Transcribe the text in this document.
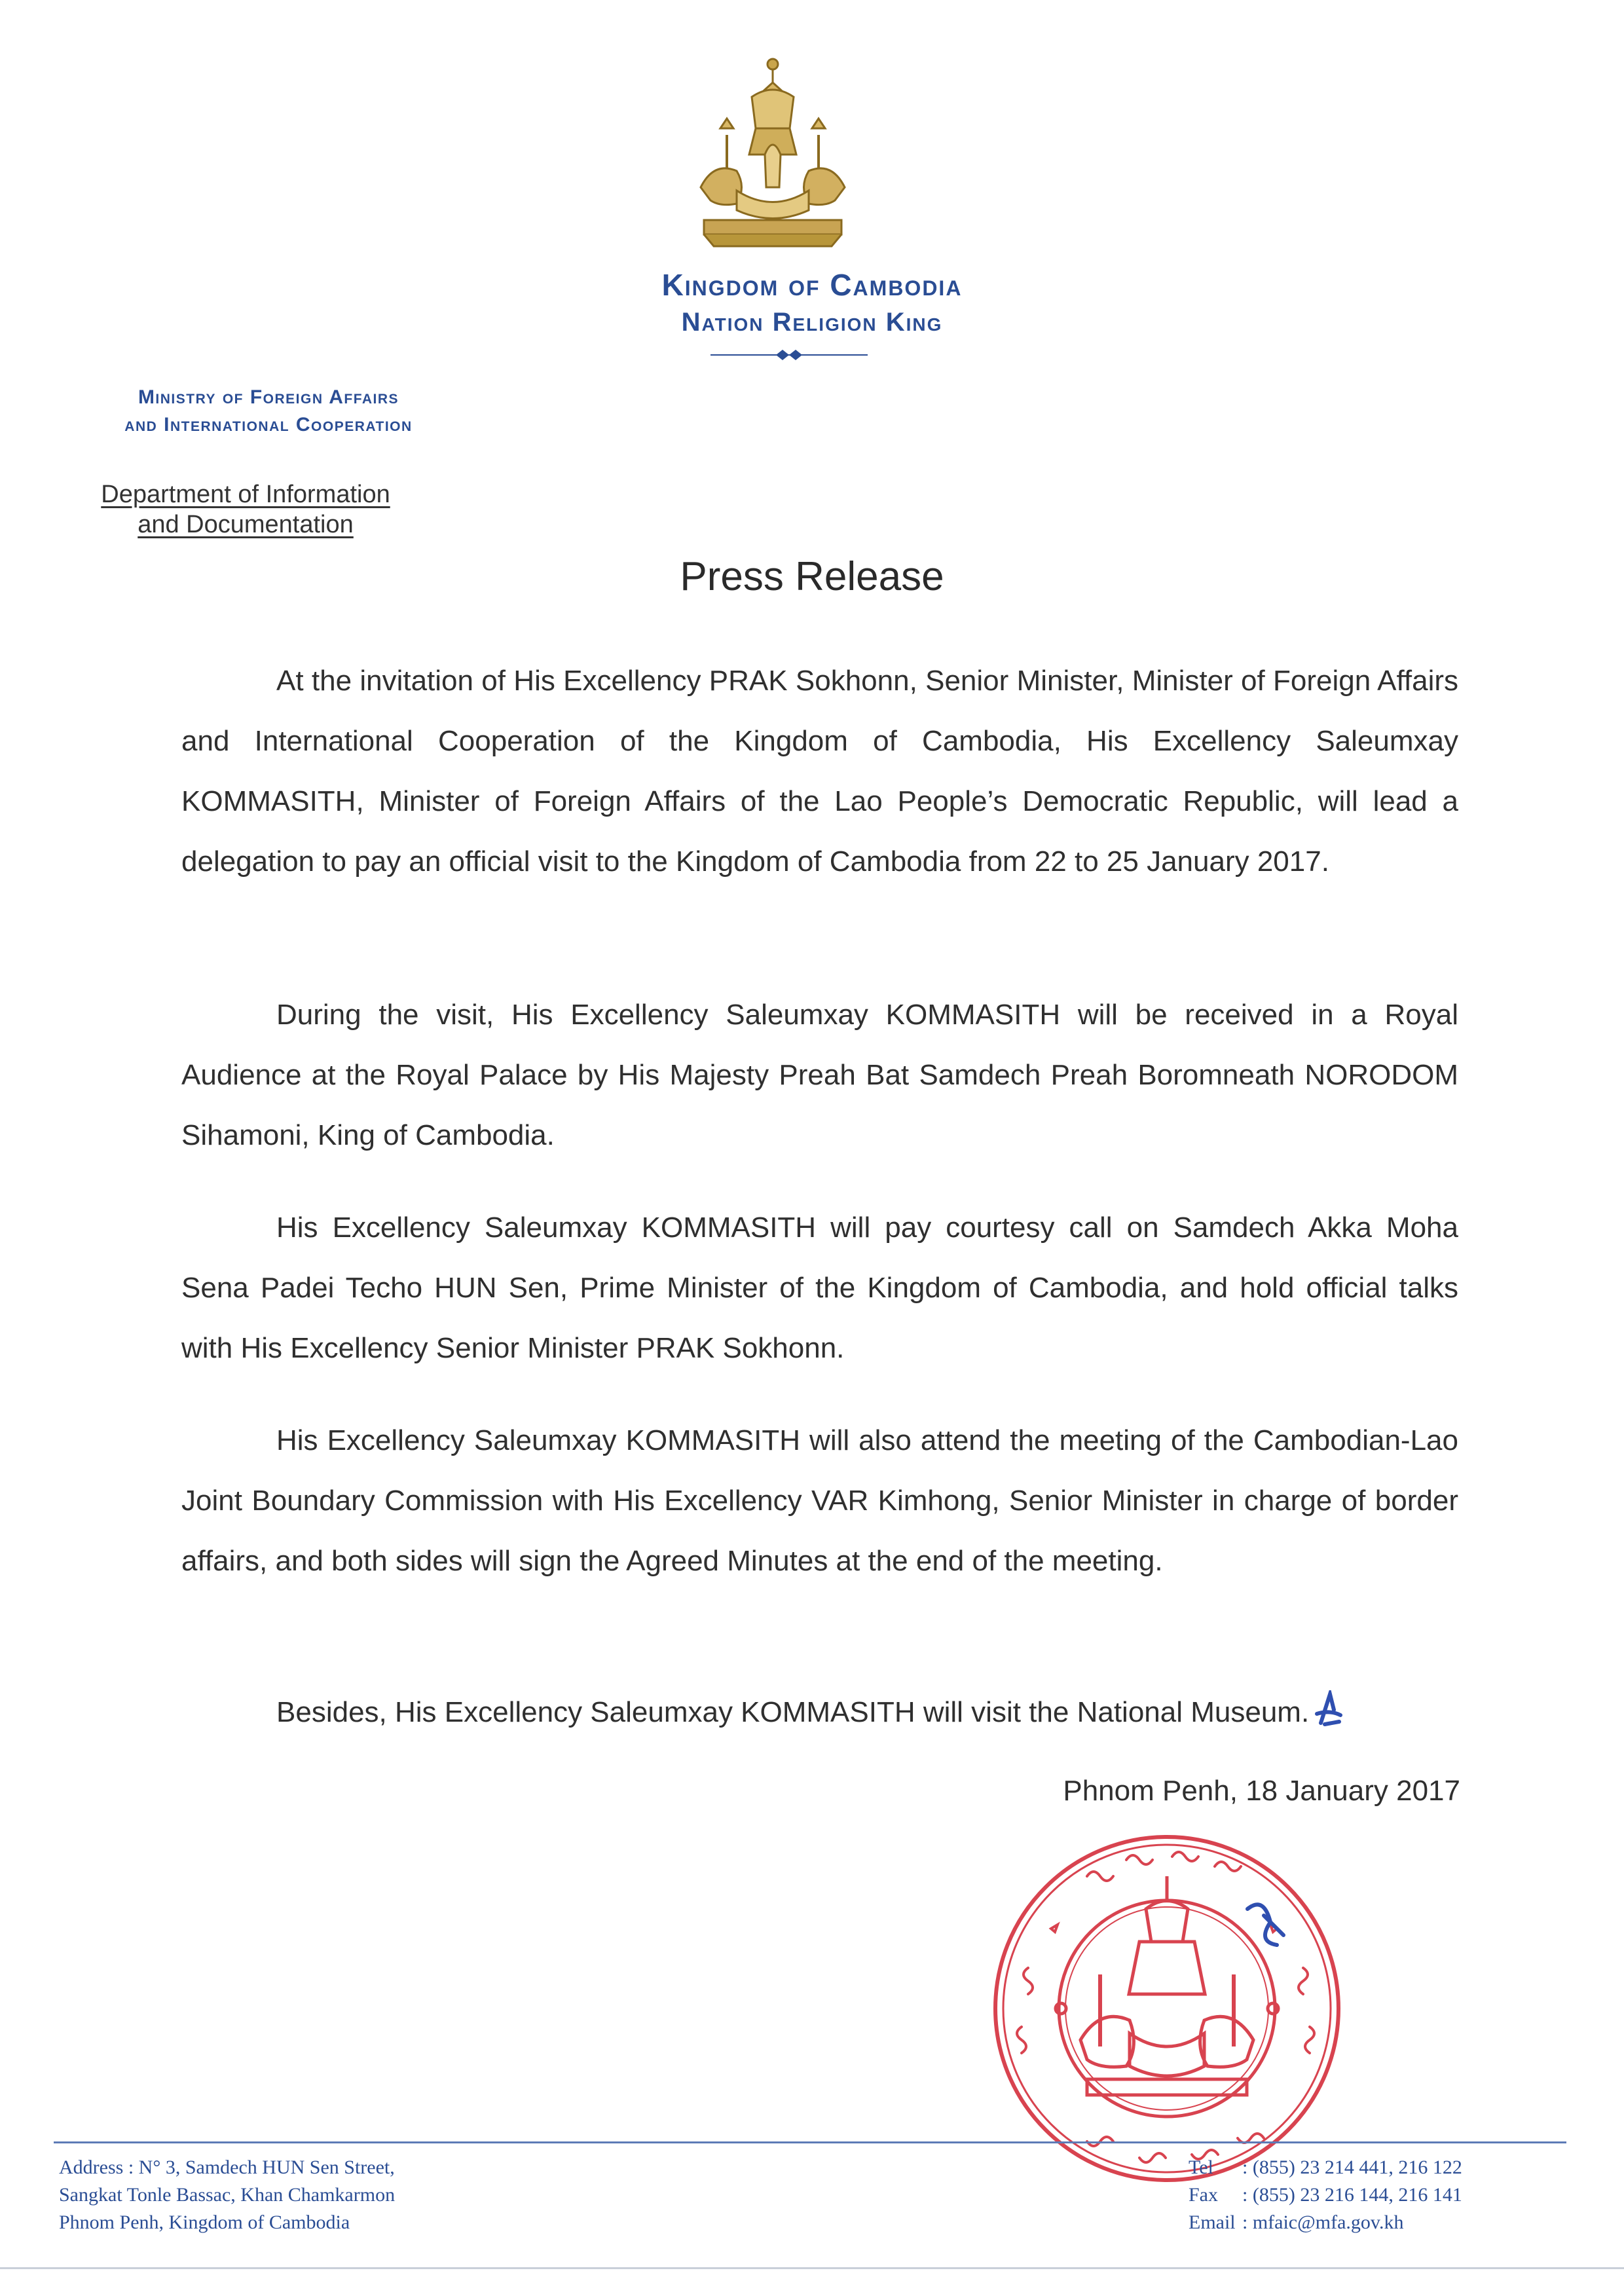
Kingdom of Cambodia
Nation Religion King
Ministry of Foreign Affairs
and International Cooperation
Department of Information
and Documentation
Press Release

At the invitation of His Excellency PRAK Sokhonn, Senior Minister, Minister of Foreign Affairs and International Cooperation of the Kingdom of Cambodia, His Excellency Saleumxay KOMMASITH, Minister of Foreign Affairs of the Lao People’s Democratic Republic, will lead a delegation to pay an official visit to the Kingdom of Cambodia from 22 to 25 January 2017.

During the visit, His Excellency Saleumxay KOMMASITH will be received in a Royal Audience at the Royal Palace by His Majesty Preah Bat Samdech Preah Boromneath NORODOM Sihamoni, King of Cambodia.

His Excellency Saleumxay KOMMASITH will pay courtesy call on Samdech Akka Moha Sena Padei Techo HUN Sen, Prime Minister of the Kingdom of Cambodia, and hold official talks with His Excellency Senior Minister PRAK Sokhonn.

His Excellency Saleumxay KOMMASITH will also attend the meeting of the Cambodian-Lao Joint Boundary Commission with His Excellency VAR Kimhong, Senior Minister in charge of border affairs, and both sides will sign the Agreed Minutes at the end of the meeting.

Besides, His Excellency Saleumxay KOMMASITH will visit the National Museum.

Phnom Penh, 18 January 2017
Address : N° 3, Samdech HUN Sen Street,
Sangkat Tonle Bassac, Khan Chamkarmon
Phnom Penh, Kingdom of Cambodia
Tel : (855) 23 214 441, 216 122
Fax : (855) 23 216 144, 216 141
Email : mfaic@mfa.gov.kh
